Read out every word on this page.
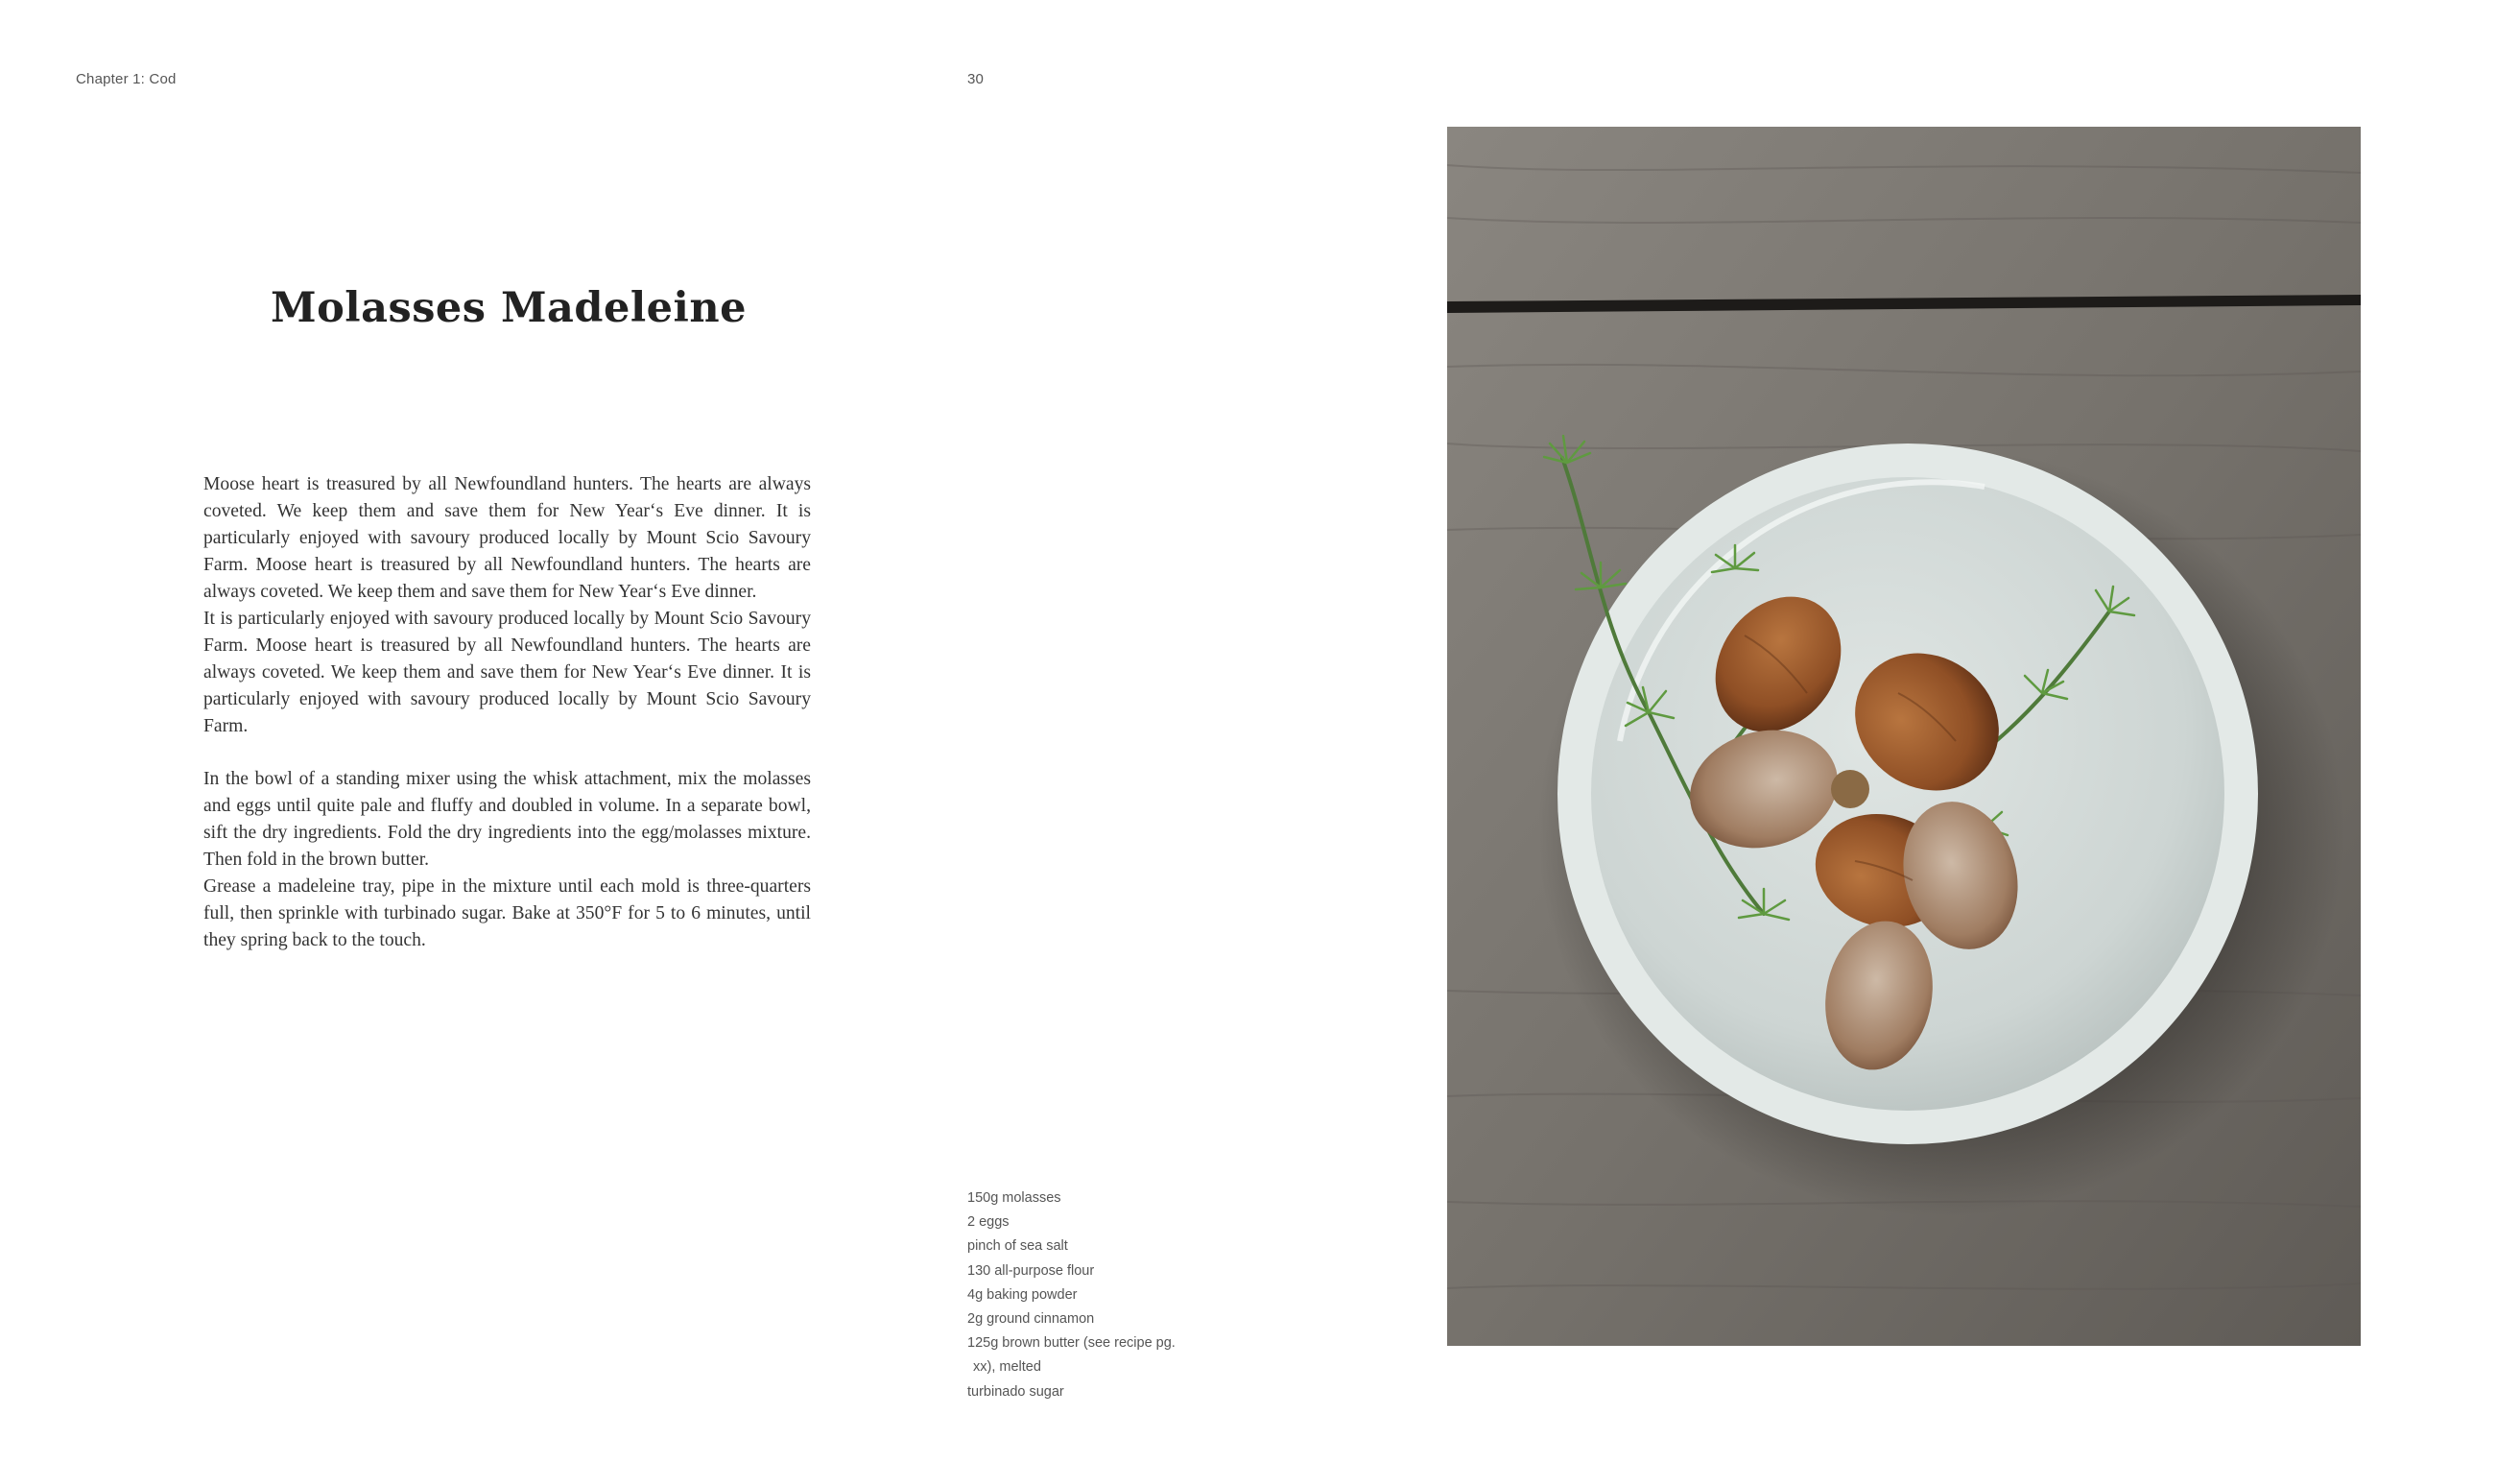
Chapter 1: Cod	30
Molasses Madeleine

Moose heart is treasured by all Newfoundland hunters. The hearts are always coveted. We keep them and save them for New Year‘s Eve dinner. It is particularly enjoyed with savoury produced locally by Mount Scio Savoury Farm. Moose heart is treasured by all Newfoundland hunters. The hearts are always coveted. We keep them and save them for New Year‘s Eve dinner.

It is particularly enjoyed with savoury produced locally by Mount Scio Savoury Farm. Moose heart is treasured by all Newfoundland hunters. The hearts are always coveted. We keep them and save them for New Year‘s Eve dinner. It is particularly enjoyed with savoury produced locally by Mount Scio Savoury Farm.

In the bowl of a standing mixer using the whisk attachment, mix the molasses and eggs until quite pale and fluffy and doubled in volume. In a separate bowl, sift the dry ingredients. Fold the dry ingredients into the egg/molasses mixture. Then fold in the brown butter.

Grease a madeleine tray, pipe in the mixture until each mold is three-quarters full, then sprinkle with turbinado sugar. Bake at 350°F for 5 to 6 minutes, until they spring back to the touch.

150g molasses
2 eggs
pinch of sea salt
130 all-purpose flour
4g baking powder
2g ground cinnamon
125g brown butter (see recipe pg.
xx), melted
turbinado sugar
